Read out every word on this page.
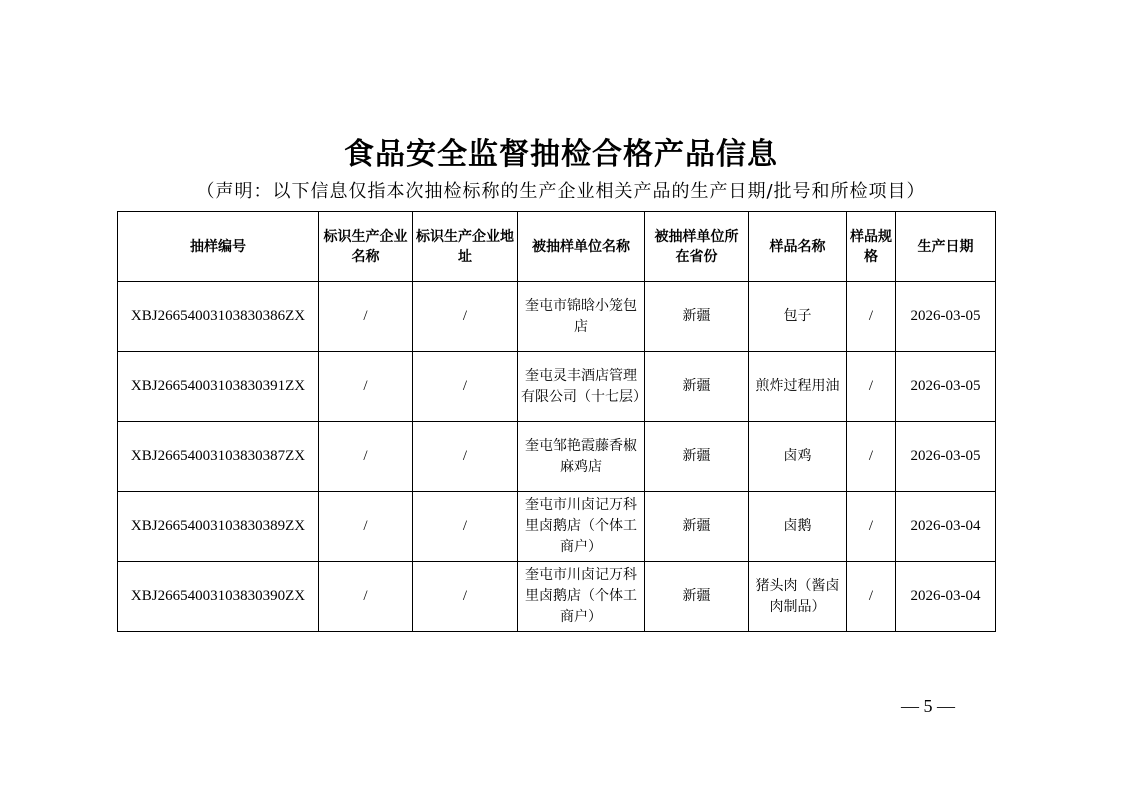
食品安全监督抽检合格产品信息
（声明：以下信息仅指本次抽检标称的生产企业相关产品的生产日期/批号和所检项目）
抽样编号	标识生产企业名称	标识生产企业地址	被抽样单位名称	被抽样单位所在省份	样品名称	样品规格	生产日期
XBJ26654003103830386ZX	/	/	奎屯市锦晗小笼包店	新疆	包子	/	2026-03-05
XBJ26654003103830391ZX	/	/	奎屯灵丰酒店管理有限公司（十七层）	新疆	煎炸过程用油	/	2026-03-05
XBJ26654003103830387ZX	/	/	奎屯邹艳霞藤香椒麻鸡店	新疆	卤鸡	/	2026-03-05
XBJ26654003103830389ZX	/	/	奎屯市川卤记万科里卤鹅店（个体工商户）	新疆	卤鹅	/	2026-03-04
XBJ26654003103830390ZX	/	/	奎屯市川卤记万科里卤鹅店（个体工商户）	新疆	猪头肉（酱卤肉制品）	/	2026-03-04
— 5 —
